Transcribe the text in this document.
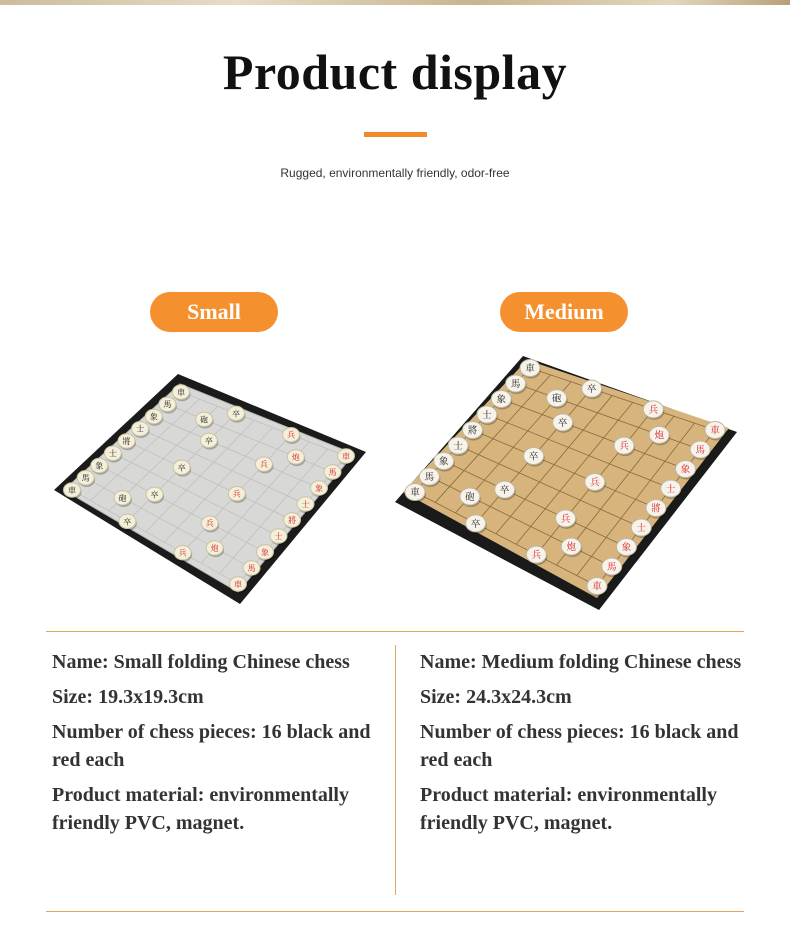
Product display
Rugged, environmentally friendly, odor-free
Small	Medium
車
馬
象
士
將
士
象
馬
車
車
馬
象
士
將
士
象
馬
車
砲
砲
炮
炮
卒
兵
卒
兵
卒
兵
卒
兵
卒
兵
車
馬
象
士
將
士
象
馬
車
車
馬
象
士
將
士
象
馬
車
砲
砲
炮
炮
卒
兵
卒
兵
卒
兵
卒
兵
卒
兵

Name: Small folding Chinese chess

Size: 19.3x19.3cm

Number of chess pieces: 16 black and red each

Product material: environmentally friendly PVC, magnet.

Name: Medium folding Chinese chess

Size: 24.3x24.3cm

Number of chess pieces: 16 black and red each

Product material: environmentally friendly PVC, magnet.
